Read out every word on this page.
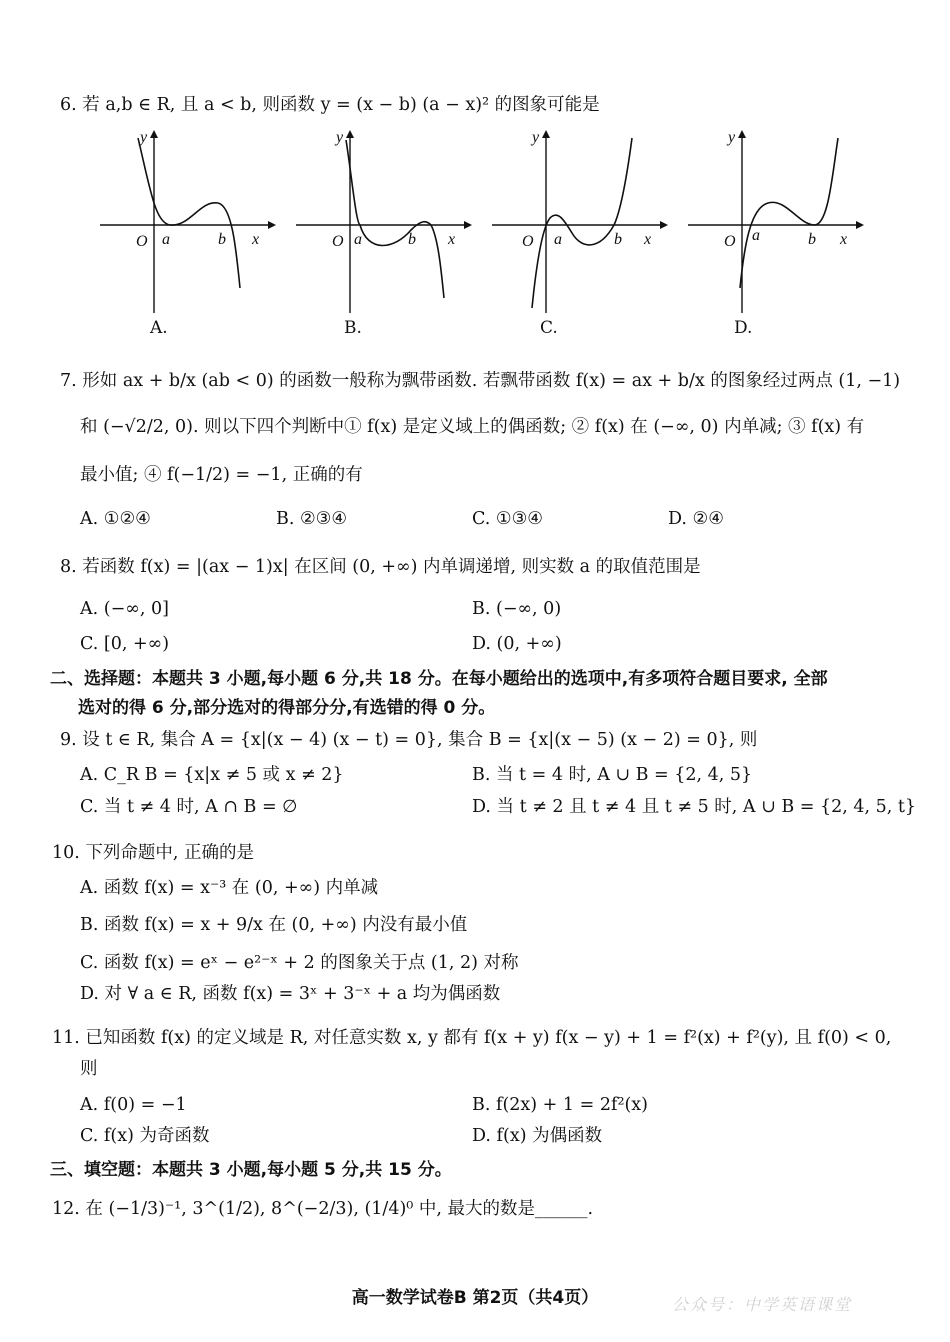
6. 若 a,b ∈ R, 且 a < b, 则函数 y = (x − b) (a − x)² 的图象可能是
y
x
O a	b
A.
y
x
O a	b
B.
y
x
O a	b
C.
y
x
O a	b
D.
7. 形如 ax + b/x (ab < 0) 的函数一般称为飘带函数. 若飘带函数 f(x) = ax + b/x 的图象经过两点 (1, −1)
和 (−√2/2, 0). 则以下四个判断中① f(x) 是定义域上的偶函数; ② f(x) 在 (−∞, 0) 内单减; ③ f(x) 有
最小值; ④ f(−1/2) = −1, 正确的有
A. ①②④	B. ②③④	C. ①③④	D. ②④
8. 若函数 f(x) = |(ax − 1)x| 在区间 (0, +∞) 内单调递增, 则实数 a 的取值范围是
A. (−∞, 0]	B. (−∞, 0)
C. [0, +∞)	D. (0, +∞)
二、选择题：本题共 3 小题,每小题 6 分,共 18 分。在每小题给出的选项中,有多项符合题目要求, 全部
选对的得 6 分,部分选对的得部分分,有选错的得 0 分。
9. 设 t ∈ R, 集合 A = {x|(x − 4) (x − t) = 0}, 集合 B = {x|(x − 5) (x − 2) = 0}, 则
A. C_R B = {x|x ≠ 5 或 x ≠ 2}	B. 当 t = 4 时, A ∪ B = {2, 4, 5}
C. 当 t ≠ 4 时, A ∩ B = ∅	D. 当 t ≠ 2 且 t ≠ 4 且 t ≠ 5 时, A ∪ B = {2, 4, 5, t}
10. 下列命题中, 正确的是
A. 函数 f(x) = x⁻³ 在 (0, +∞) 内单减
B. 函数 f(x) = x + 9/x 在 (0, +∞) 内没有最小值
C. 函数 f(x) = eˣ − e²⁻ˣ + 2 的图象关于点 (1, 2) 对称
D. 对 ∀ a ∈ R, 函数 f(x) = 3ˣ + 3⁻ˣ + a 均为偶函数
11. 已知函数 f(x) 的定义域是 R, 对任意实数 x, y 都有 f(x + y) f(x − y) + 1 = f²(x) + f²(y), 且 f(0) < 0,
则
A. f(0) = −1	B. f(2x) + 1 = 2f²(x)
C. f(x) 为奇函数	D. f(x) 为偶函数
三、填空题：本题共 3 小题,每小题 5 分,共 15 分。
12. 在 (−1/3)⁻¹, 3^(1/2), 8^(−2/3), (1/4)⁰ 中, 最大的数是______.
高一数学试卷B 第2页（共4页）	公众号：中学英语课堂
